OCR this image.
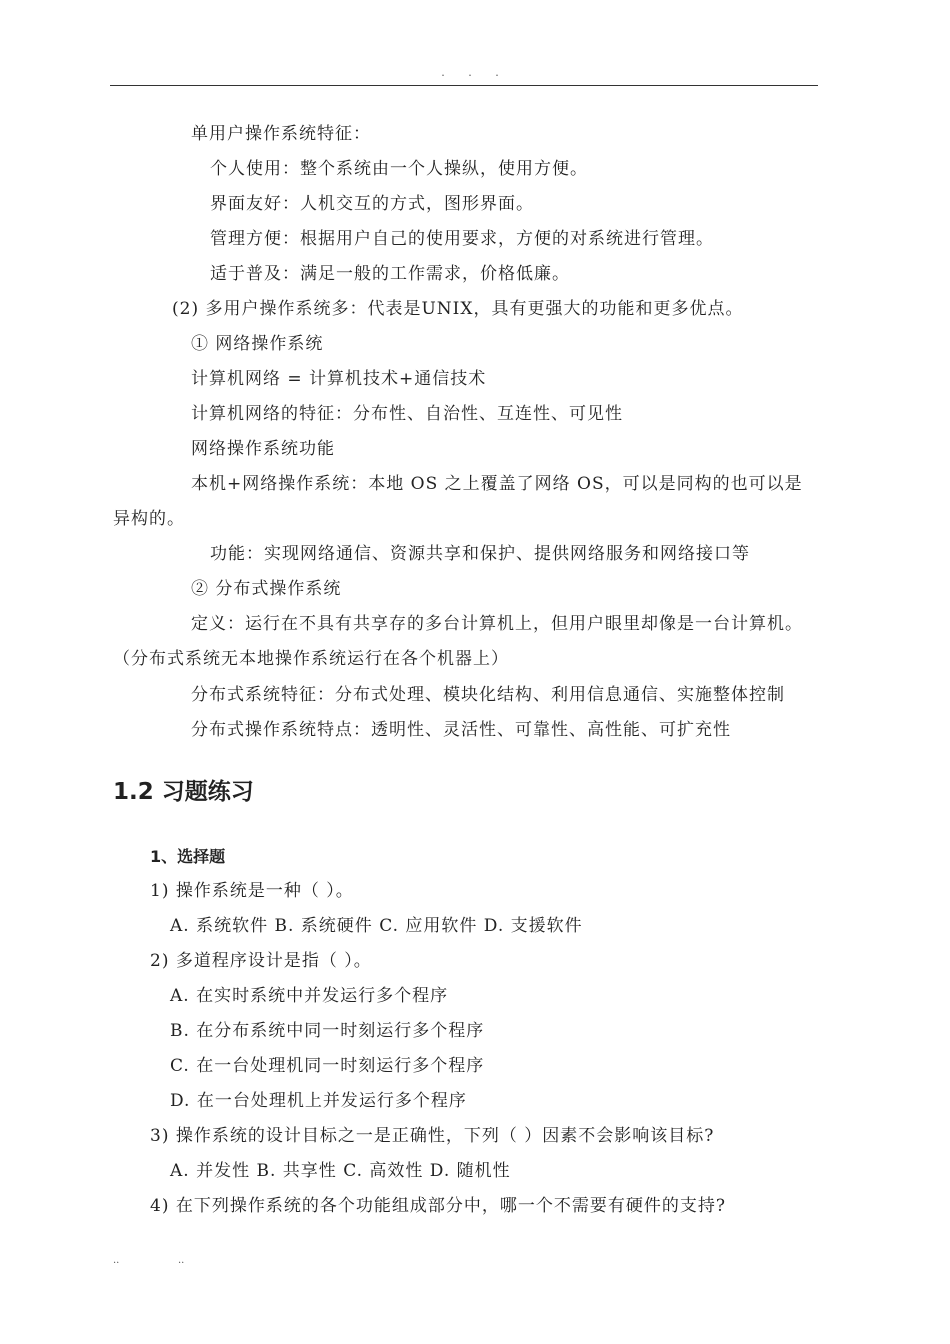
. . .
单用户操作系统特征：
个人使用：整个系统由一个人操纵，使用方便。
界面友好：人机交互的方式，图形界面。
管理方便：根据用户自己的使用要求，方便的对系统进行管理。
适于普及：满足一般的工作需求，价格低廉。
(2) 多用户操作系统多：代表是UNIX，具有更强大的功能和更多优点。
① 网络操作系统
计算机网络 = 计算机技术+通信技术
计算机网络的特征：分布性、自治性、互连性、可见性
网络操作系统功能
本机+网络操作系统：本地 OS 之上覆盖了网络 OS，可以是同构的也可以是
异构的。
功能：实现网络通信、资源共享和保护、提供网络服务和网络接口等
② 分布式操作系统
定义：运行在不具有共享存的多台计算机上，但用户眼里却像是一台计算机。
（分布式系统无本地操作系统运行在各个机器上）
分布式系统特征：分布式处理、模块化结构、利用信息通信、实施整体控制
分布式操作系统特点：透明性、灵活性、可靠性、高性能、可扩充性
1.2 习题练习
1、选择题
1) 操作系统是一种（ ）。
A. 系统软件 B. 系统硬件 C. 应用软件 D. 支援软件
2) 多道程序设计是指（ ）。
A. 在实时系统中并发运行多个程序
B. 在分布系统中同一时刻运行多个程序
C. 在一台处理机同一时刻运行多个程序
D. 在一台处理机上并发运行多个程序
3) 操作系统的设计目标之一是正确性，下列（ ）因素不会影响该目标?
A. 并发性 B. 共享性 C. 高效性 D. 随机性
4) 在下列操作系统的各个功能组成部分中，哪一个不需要有硬件的支持?
..	..
